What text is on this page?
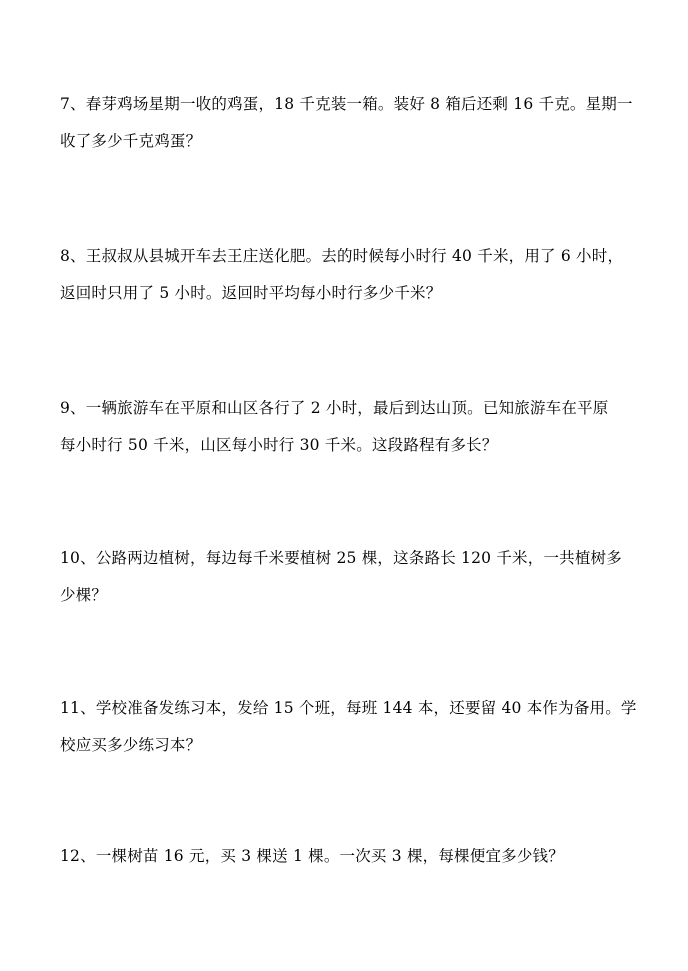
7、春芽鸡场星期一收的鸡蛋，18 千克装一箱。装好 8 箱后还剩 16 千克。星期一
收了多少千克鸡蛋？
8、王叔叔从县城开车去王庄送化肥。去的时候每小时行 40 千米，用了 6 小时，
返回时只用了 5 小时。返回时平均每小时行多少千米？
9、一辆旅游车在平原和山区各行了 2 小时，最后到达山顶。已知旅游车在平原
每小时行 50 千米，山区每小时行 30 千米。这段路程有多长？
10、公路两边植树，每边每千米要植树 25 棵，这条路长 120 千米，一共植树多
少棵？
11、学校准备发练习本，发给 15 个班，每班 144 本，还要留 40 本作为备用。学
校应买多少练习本？
12、一棵树苗 16 元，买 3 棵送 1 棵。一次买 3 棵，每棵便宜多少钱？
